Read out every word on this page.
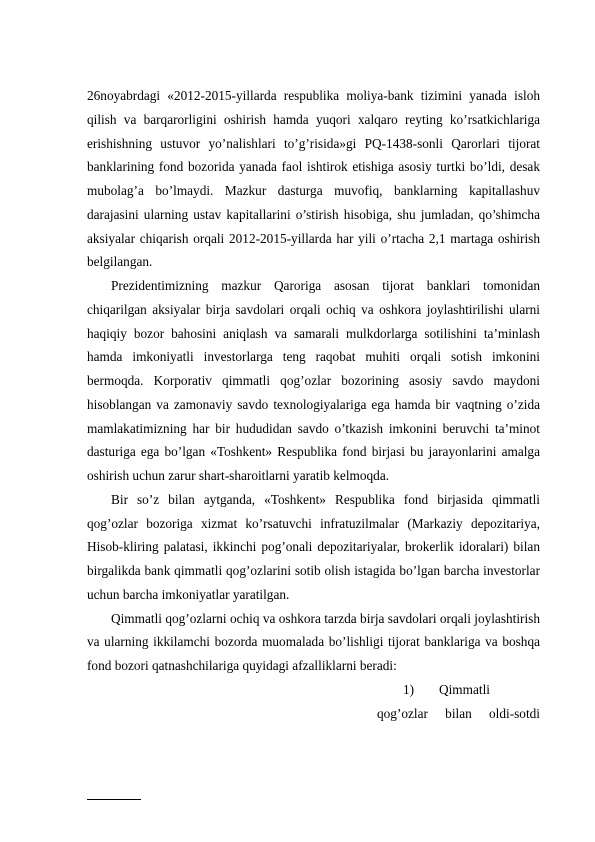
26noyabrdagi «2012-2015-yillarda respublika moliya-bank tizimini yanada isloh qilish va barqarorligini oshirish hamda yuqori xalqaro reyting ko’rsatkichlariga erishishning ustuvor yo’nalishlari to’g’risida»gi PQ-1438-sonli Qarorlari tijorat banklarining fond bozorida yanada faol ishtirok etishiga asosiy turtki bo’ldi, desak mubolag’a bo’lmaydi. Mazkur dasturga muvofiq, banklarning kapitallashuv darajasini ularning ustav kapitallarini o’stirish hisobiga, shu jumladan, qo’shimcha aksiyalar chiqarish orqali 2012-2015-yillarda har yili o’rtacha 2,1 martaga oshirish belgilangan.

Prezidentimizning mazkur Qaroriga asosan tijorat banklari tomonidan chiqarilgan aksiyalar birja savdolari orqali ochiq va oshkora joylashtirilishi ularni haqiqiy bozor bahosini aniqlash va samarali mulkdorlarga sotilishini ta’minlash hamda imkoniyatli investorlarga teng raqobat muhiti orqali sotish imkonini bermoqda. Korporativ qimmatli qog’ozlar bozorining asosiy savdo maydoni hisoblangan va zamonaviy savdo texnologiyalariga ega hamda bir vaqtning o’zida mamlakatimizning har bir hududidan savdo o’tkazish imkonini beruvchi ta’minot dasturiga ega bo’lgan «Toshkent» Respublika fond birjasi bu jarayonlarini amalga oshirish uchun zarur shart-sharoitlarni yaratib kelmoqda.

Bir so’z bilan aytganda, «Toshkent» Respublika fond birjasida qimmatli qog’ozlar bozoriga xizmat ko’rsatuvchi infratuzilmalar (Markaziy depozitariya, Hisob-kliring palatasi, ikkinchi pog’onali depozitariyalar, brokerlik idoralari) bilan birgalikda bank qimmatli qog’ozlarini sotib olish istagida bo’lgan barcha investorlar uchun barcha imkoniyatlar yaratilgan.

Qimmatli qog’ozlarni ochiq va oshkora tarzda birja savdolari orqali joylashtirish va ularning ikkilamchi bozorda muomalada bo’lishligi tijorat banklariga va boshqa fond bozori qatnashchilariga quyidagi afzalliklarni beradi:

1) Qimmatli
qog’ozlar bilan oldi-sotdi
